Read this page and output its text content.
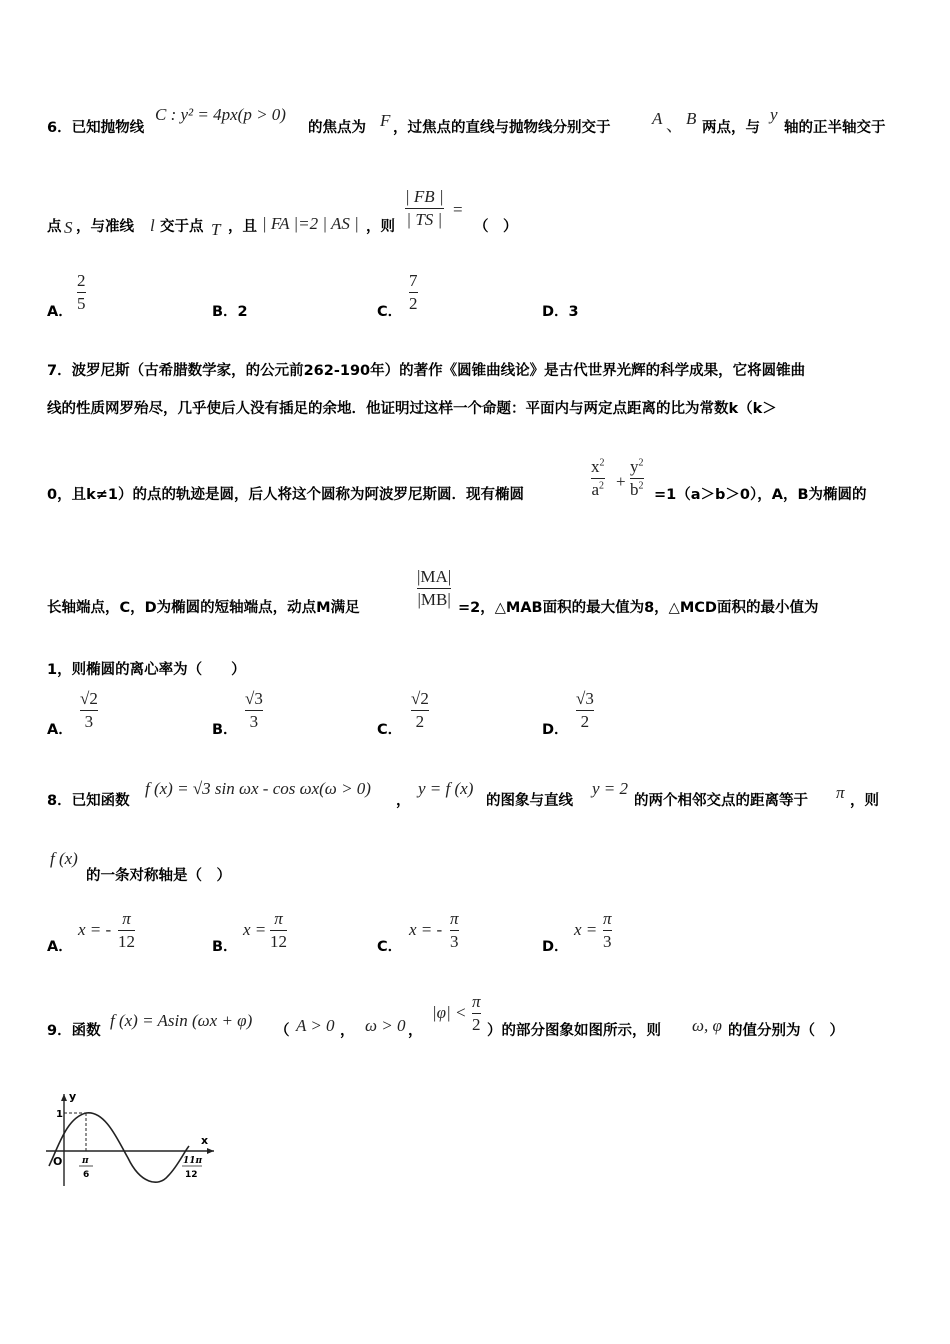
6．已知抛物线
C : y² = 4px(p > 0)
的焦点为 F ，过焦点的直线与抛物线分别交于 A 、 B 两点，与
y
轴的正半轴交于
点 S ，与准线 l 交于点 T ，且 | FA |=2 | AS | ，则
| FB |
| TS |
=
（　）
A．
2
5	B．2	C．
7
2	D．3
7．波罗尼斯（古希腊数学家，的公元前262-190年）的著作《圆锥曲线论》是古代世界光辉的科学成果，它将圆锥曲
线的性质网罗殆尽，几乎使后人没有插足的余地．他证明过这样一个命题：平面内与两定点距离的比为常数k（k＞
0，且k≠1）的点的轨迹是圆，后人将这个圆称为阿波罗尼斯圆．现有椭圆
$x^2$
$a^2$ +
$y^2$
$b^2$
=1（a＞b＞0），A，B为椭圆的
长轴端点，C，D为椭圆的短轴端点，动点M满足
|MA|
|MB| =2，△MAB面积的最大值为8，△MCD面积的最小值为
1，则椭圆的离心率为（　　）
A．
√2
3	B．
√3
3	C．
√2
2	D．
√3
2
8．已知函数
f (x) = √3 sin ωx - cos ωx(ω > 0)
，
y = f (x)
的图象与直线
y = 2
的两个相邻交点的距离等于 π ，则
f (x)
的一条对称轴是（　）
A．
x = -
π
12	B．
x =
π
12	C．
x = -
π
3	D．
x =
π
3
9．函数
f (x) = Asin (ωx + φ)
（ A > 0 ， ω > 0 ，
|φ| <
π
2 ）的部分图象如图所示，则 ω, φ 的值分别为（　）
y
x
1
O π
6
11π
12
